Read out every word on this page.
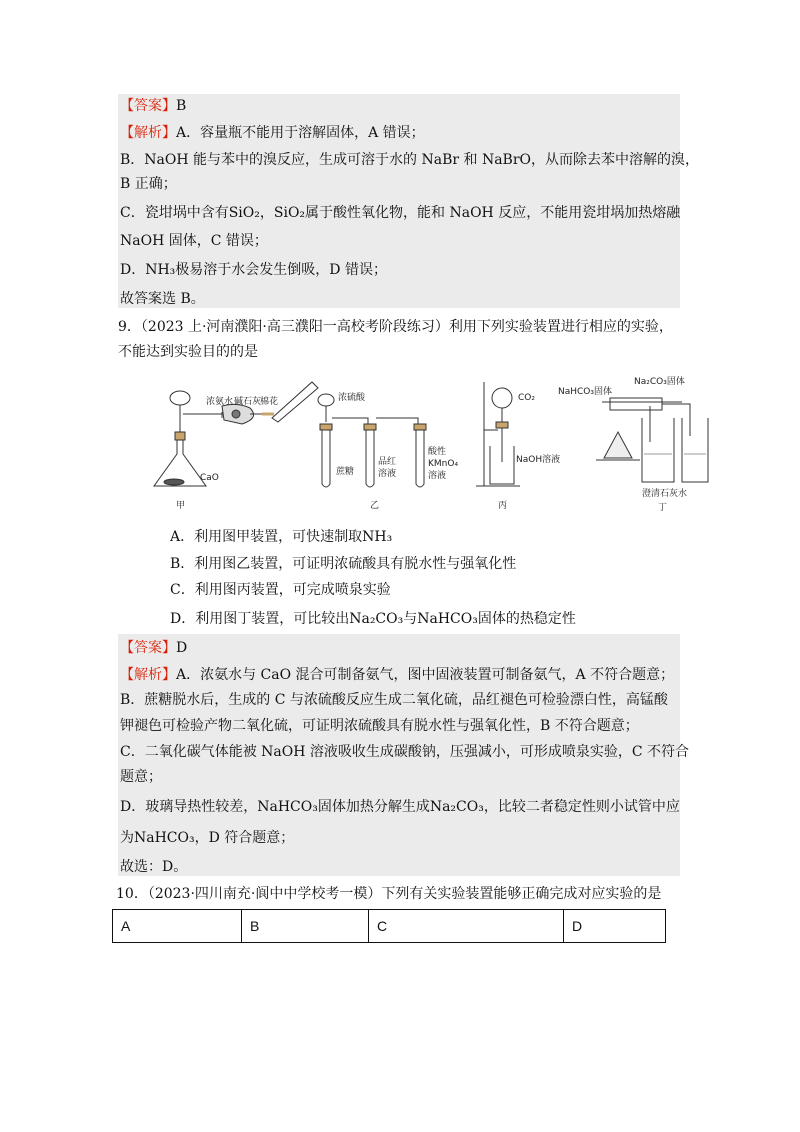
【答案】B
【解析】A．容量瓶不能用于溶解固体，A 错误；
B．NaOH 能与苯中的溴反应，生成可溶于水的 NaBr 和 NaBrO，从而除去苯中溶解的溴，
B 正确；
C．瓷坩埚中含有SiO₂，SiO₂属于酸性氧化物，能和 NaOH 反应，不能用瓷坩埚加热熔融
NaOH 固体，C 错误；
D．NH₃极易溶于水会发生倒吸，D 错误；
故答案选 B。
9．（2023 上·河南濮阳·高三濮阳一高校考阶段练习）利用下列实验装置进行相应的实验，
不能达到实验目的的是
浓氨水 碱石灰
棉花
CaO
甲
浓硫酸
蔗糖
品红
溶液
酸性
KMnO₄
溶液
乙
CO₂
NaOH溶液
丙
NaHCO₃固体
Na₂CO₃固体
澄清石灰水
丁
A．利用图甲装置，可快速制取NH₃
B．利用图乙装置，可证明浓硫酸具有脱水性与强氧化性
C．利用图丙装置，可完成喷泉实验
D．利用图丁装置，可比较出Na₂CO₃与NaHCO₃固体的热稳定性
【答案】D
【解析】A．浓氨水与 CaO 混合可制备氨气，图中固液装置可制备氨气，A 不符合题意；
B．蔗糖脱水后，生成的 C 与浓硫酸反应生成二氧化硫，品红褪色可检验漂白性，高锰酸
钾褪色可检验产物二氧化硫，可证明浓硫酸具有脱水性与强氧化性，B 不符合题意；
C．二氧化碳气体能被 NaOH 溶液吸收生成碳酸钠，压强减小，可形成喷泉实验，C 不符合
题意；
D．玻璃导热性较差，NaHCO₃固体加热分解生成Na₂CO₃，比较二者稳定性则小试管中应
为NaHCO₃，D 符合题意；
故选：D。
10．（2023·四川南充·阆中中学校考一模）下列有关实验装置能够正确完成对应实验的是
A	B	C	D
